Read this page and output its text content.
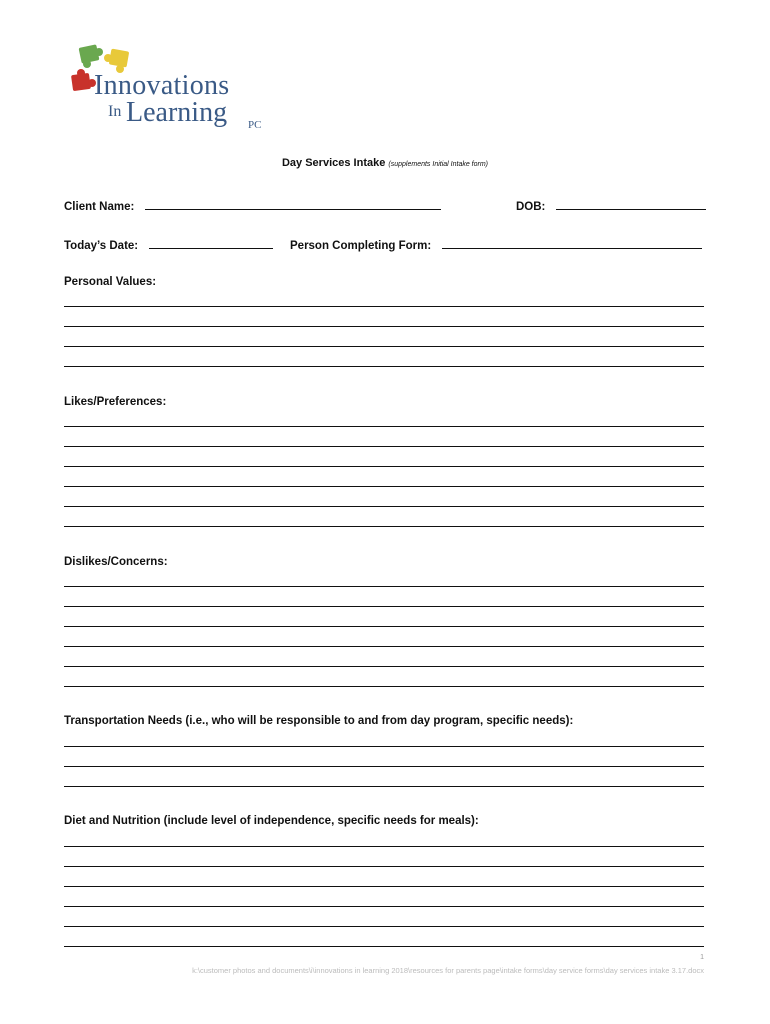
Innovations
In Learning PC
Day Services Intake (supplements Initial Intake form)
Client Name:	DOB:
Today’s Date:	Person Completing Form:
Personal Values:
Likes/Preferences:
Dislikes/Concerns:
Transportation Needs (i.e., who will be responsible to and from day program, specific needs):
Diet and Nutrition (include level of independence, specific needs for meals):
1
k:\customer photos and documents\i\innovations in learning 2018\resources for parents page\intake forms\day service forms\day services intake 3.17.docx
